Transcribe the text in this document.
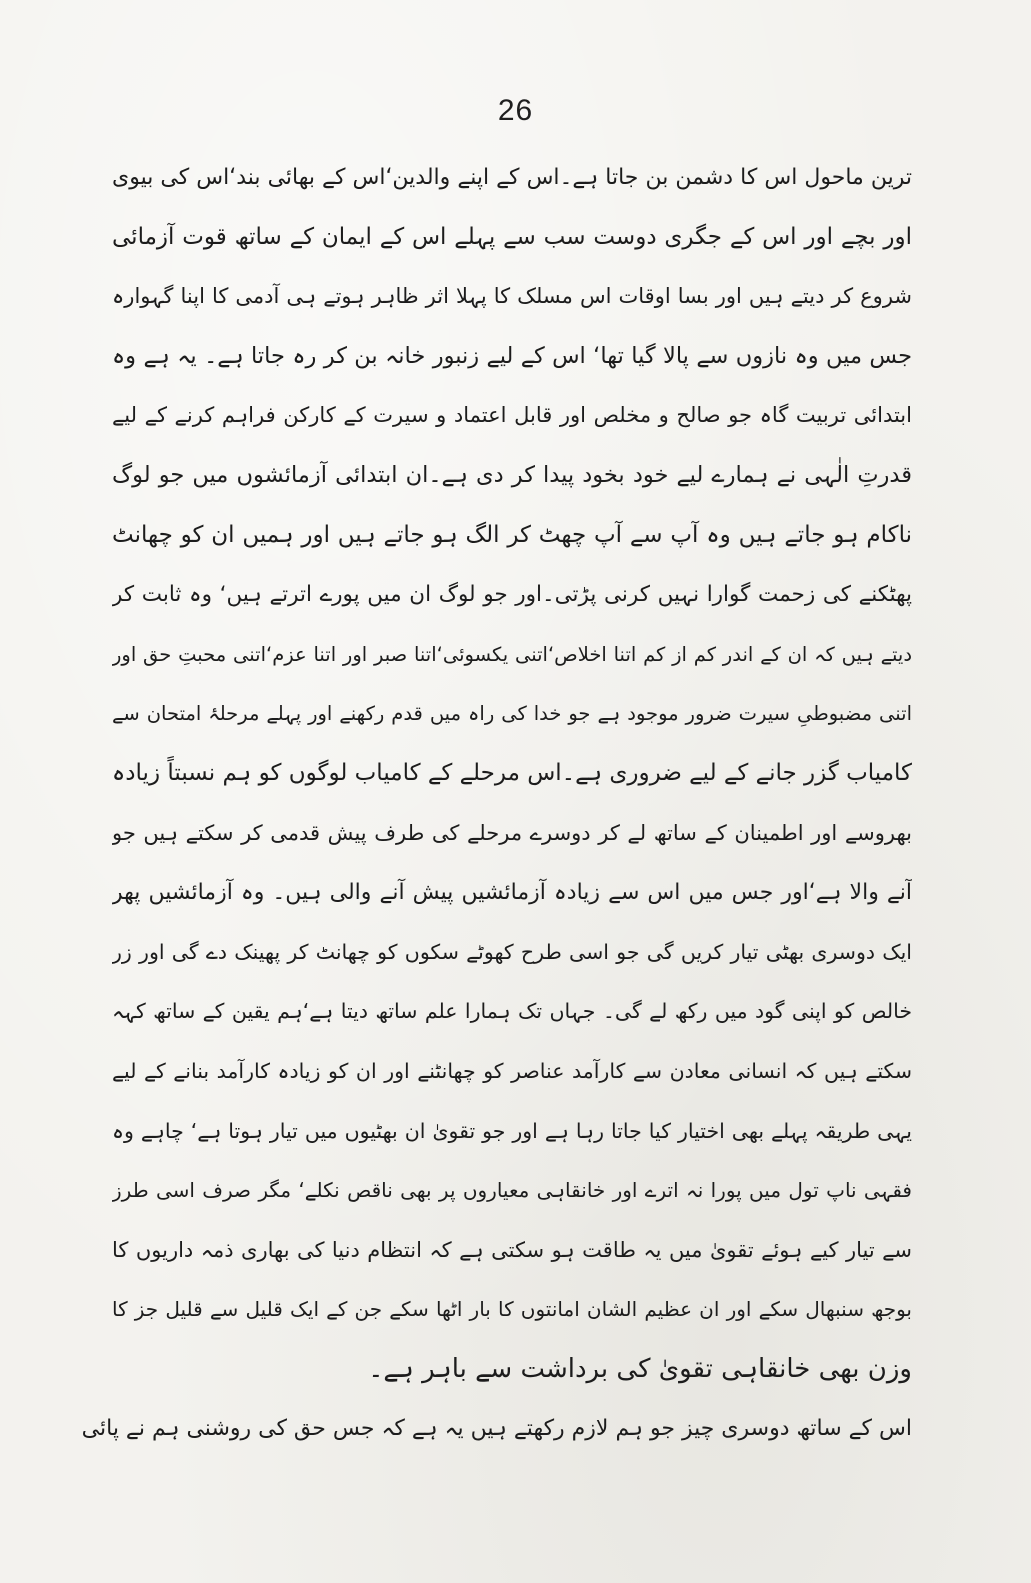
26
ترین ماحول اس کا دشمن بن جاتا ہے۔اس کے اپنے والدین‘اس کے بھائی بند‘اس کی بیوی
اور بچے اور اس کے جگری دوست سب سے پہلے اس کے ایمان کے ساتھ قوت آزمائی
شروع کر دیتے ہیں اور بسا اوقات اس مسلک کا پہلا اثر ظاہر ہوتے ہی آدمی کا اپنا گہوارہ
جس میں وہ نازوں سے پالا گیا تھا‘ اس کے لیے زنبور خانہ بن کر رہ جاتا ہے۔ یہ ہے وہ
ابتدائی تربیت گاہ جو صالح و مخلص اور قابل اعتماد و سیرت کے کارکن فراہم کرنے کے لیے
قدرتِ الٰہی نے ہمارے لیے خود بخود پیدا کر دی ہے۔ان ابتدائی آزمائشوں میں جو لوگ
ناکام ہو جاتے ہیں وہ آپ سے آپ چھٹ کر الگ ہو جاتے ہیں اور ہمیں ان کو چھانٹ
پھٹکنے کی زحمت گوارا نہیں کرنی پڑتی۔اور جو لوگ ان میں پورے اترتے ہیں‘ وہ ثابت کر
دیتے ہیں کہ ان کے اندر کم از کم اتنا اخلاص‘اتنی یکسوئی‘اتنا صبر اور اتنا عزم‘اتنی محبتِ حق اور
اتنی مضبوطیِ سیرت ضرور موجود ہے جو خدا کی راہ میں قدم رکھنے اور پہلے مرحلۂ امتحان سے
کامیاب گزر جانے کے لیے ضروری ہے۔اس مرحلے کے کامیاب لوگوں کو ہم نسبتاً زیادہ
بھروسے اور اطمینان کے ساتھ لے کر دوسرے مرحلے کی طرف پیش قدمی کر سکتے ہیں جو
آنے والا ہے‘اور جس میں اس سے زیادہ آزمائشیں پیش آنے والی ہیں۔ وہ آزمائشیں پھر
ایک دوسری بھٹی تیار کریں گی جو اسی طرح کھوٹے سکوں کو چھانٹ کر پھینک دے گی اور زر
خالص کو اپنی گود میں رکھ لے گی۔ جہاں تک ہمارا علم ساتھ دیتا ہے‘ہم یقین کے ساتھ کہہ
سکتے ہیں کہ انسانی معادن سے کارآمد عناصر کو چھانٹنے اور ان کو زیادہ کارآمد بنانے کے لیے
یہی طریقہ پہلے بھی اختیار کیا جاتا رہا ہے اور جو تقویٰ ان بھٹیوں میں تیار ہوتا ہے‘ چاہے وہ
فقہی ناپ تول میں پورا نہ اترے اور خانقاہی معیاروں پر بھی ناقص نکلے‘ مگر صرف اسی طرز
سے تیار کیے ہوئے تقویٰ میں یہ طاقت ہو سکتی ہے کہ انتظام دنیا کی بھاری ذمہ داریوں کا
بوجھ سنبھال سکے اور ان عظیم الشان امانتوں کا بار اٹھا سکے جن کے ایک قلیل سے قلیل جز کا
وزن بھی خانقاہی تقویٰ کی برداشت سے باہر ہے۔
اس کے ساتھ دوسری چیز جو ہم لازم رکھتے ہیں یہ ہے کہ جس حق کی روشنی ہم نے پائی
